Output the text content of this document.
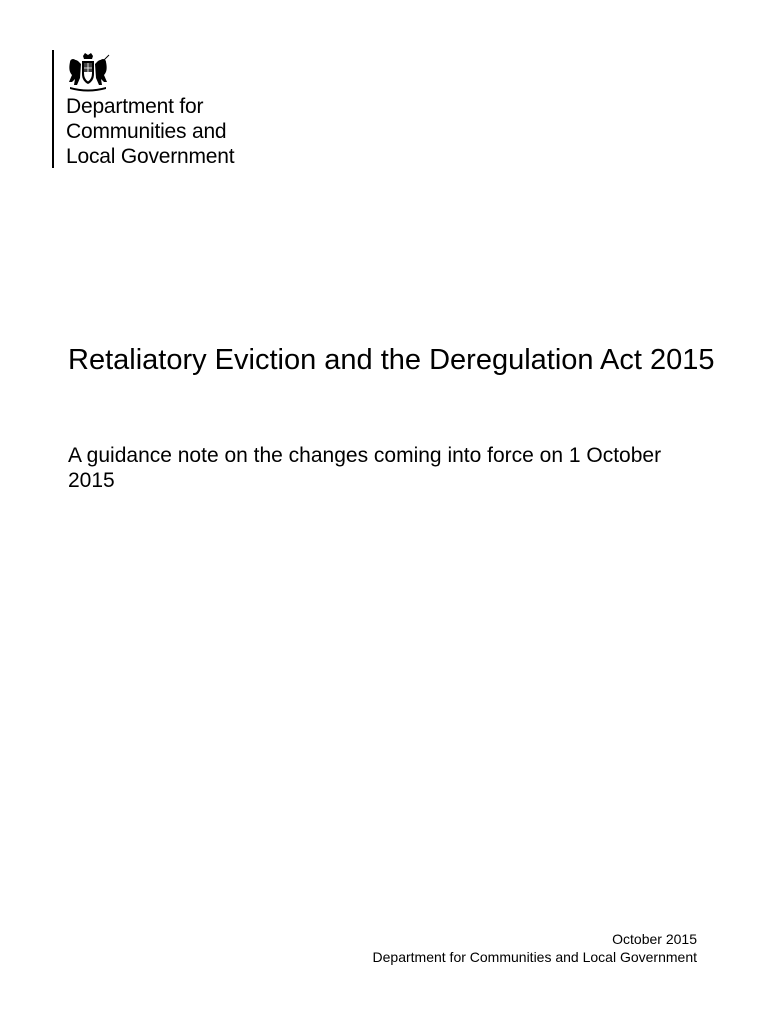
Department for
Communities and
Local Government
Retaliatory Eviction and the Deregulation Act 2015

A guidance note on the changes coming into force on 1 October 2015

October 2015
Department for Communities and Local Government
